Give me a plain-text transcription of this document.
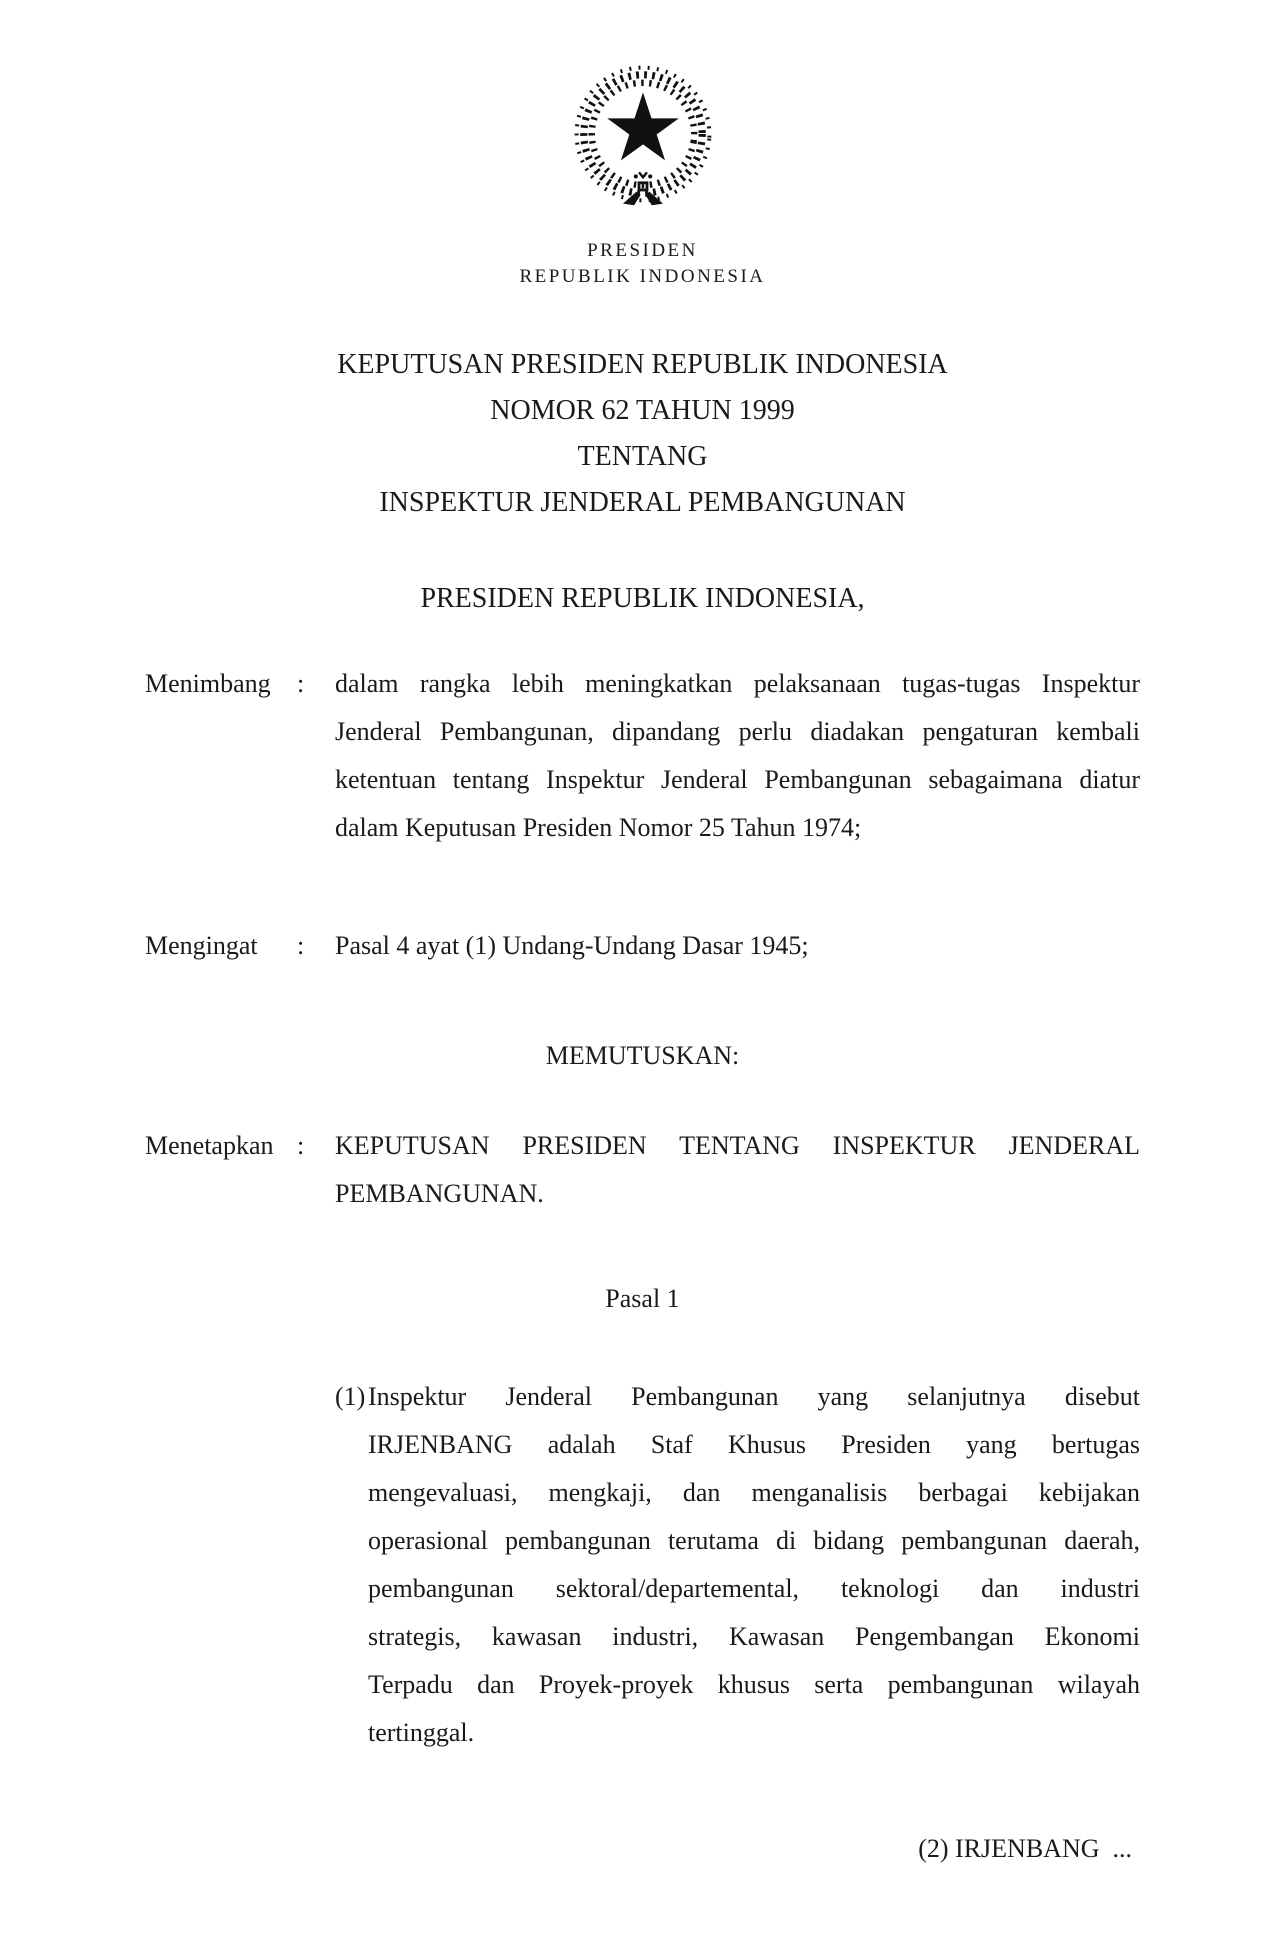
PRESIDEN
REPUBLIK INDONESIA
KEPUTUSAN PRESIDEN REPUBLIK INDONESIA
NOMOR 62 TAHUN 1999
TENTANG
INSPEKTUR JENDERAL PEMBANGUNAN
PRESIDEN REPUBLIK INDONESIA,
Menimbang	:	dalam rangka lebih meningkatkan pelaksanaan tugas-tugas Inspektur
Jenderal Pembangunan, dipandang perlu diadakan pengaturan kembali
ketentuan tentang Inspektur Jenderal Pembangunan sebagaimana diatur
dalam Keputusan Presiden Nomor 25 Tahun 1974;
Mengingat	:	Pasal 4 ayat (1) Undang-Undang Dasar 1945;
MEMUTUSKAN:
Menetapkan :	KEPUTUSAN PRESIDEN TENTANG INSPEKTUR JENDERAL
PEMBANGUNAN.
Pasal 1
(1) Inspektur Jenderal Pembangunan yang selanjutnya disebut
IRJENBANG adalah Staf Khusus Presiden yang bertugas
mengevaluasi, mengkaji, dan menganalisis berbagai kebijakan
operasional pembangunan terutama di bidang pembangunan daerah,
pembangunan sektoral/departemental, teknologi dan industri
strategis, kawasan industri, Kawasan Pengembangan Ekonomi
Terpadu dan Proyek-proyek khusus serta pembangunan wilayah
tertinggal.
(2) IRJENBANG  ...
